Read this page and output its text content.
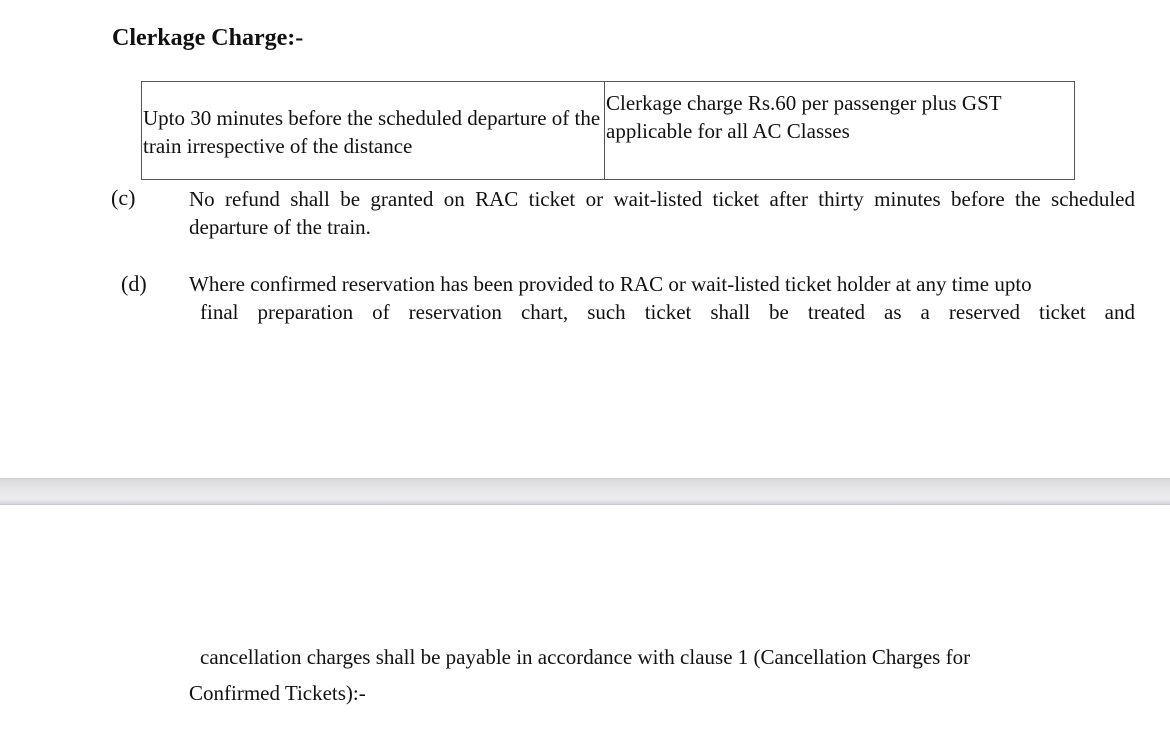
Clerkage Charge:-
Upto 30 minutes before the scheduled departure of the train irrespective of the distance	Clerkage charge Rs.60 per passenger plus GST applicable for all AC Classes
(c)	No refund shall be granted on RAC ticket or wait-listed ticket after thirty minutes before the scheduled departure of the train.
(d) Where confirmed reservation has been provided to RAC or wait-listed ticket holder at any time upto
final preparation of reservation chart, such ticket shall be treated as a reserved ticket and
cancellation charges shall be payable in accordance with clause 1 (Cancellation Charges for
Confirmed Tickets):-
